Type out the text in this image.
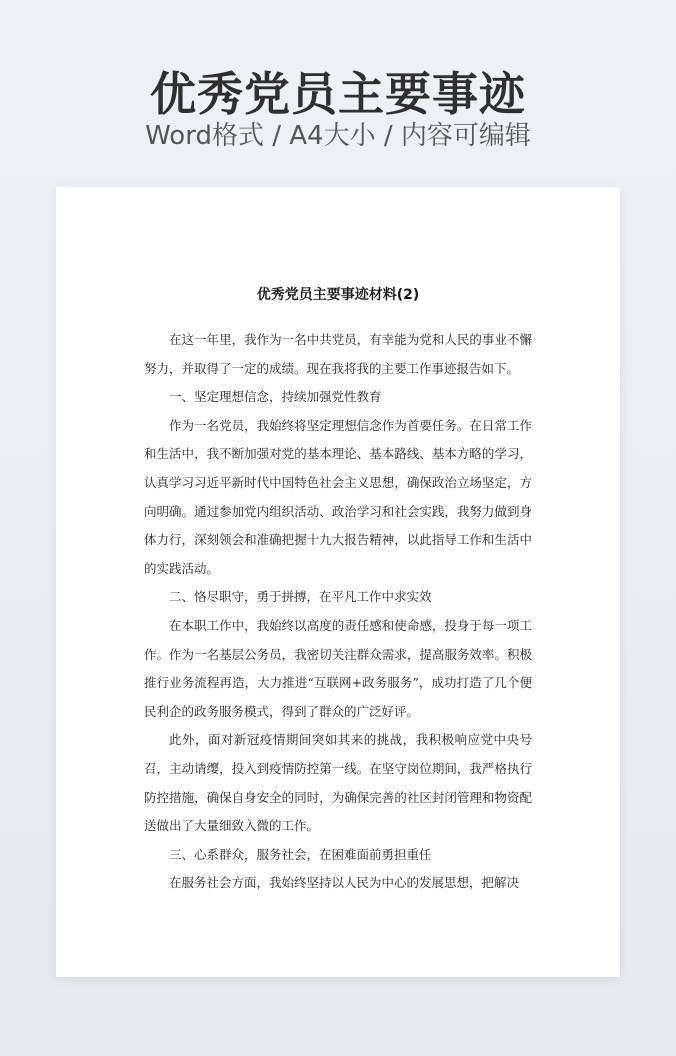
优秀党员主要事迹
Word格式 / A4大小 / 内容可编辑
优秀党员主要事迹材料(2)

在这一年里，我作为一名中共党员，有幸能为党和人民的事业不懈努力，并取得了一定的成绩。现在我将我的主要工作事迹报告如下。

一、坚定理想信念，持续加强党性教育

作为一名党员，我始终将坚定理想信念作为首要任务。在日常工作和生活中，我不断加强对党的基本理论、基本路线、基本方略的学习，认真学习习近平新时代中国特色社会主义思想，确保政治立场坚定，方向明确。通过参加党内组织活动、政治学习和社会实践，我努力做到身体力行，深刻领会和准确把握十九大报告精神，以此指导工作和生活中的实践活动。

二、恪尽职守，勇于拼搏，在平凡工作中求实效

在本职工作中，我始终以高度的责任感和使命感，投身于每一项工作。作为一名基层公务员，我密切关注群众需求，提高服务效率。积极推行业务流程再造，大力推进“互联网+政务服务”，成功打造了几个便民利企的政务服务模式，得到了群众的广泛好评。

此外，面对新冠疫情期间突如其来的挑战，我积极响应党中央号召，主动请缨，投入到疫情防控第一线。在坚守岗位期间，我严格执行防控措施，确保自身安全的同时，为确保完善的社区封闭管理和物资配送做出了大量细致入微的工作。

三、心系群众，服务社会，在困难面前勇担重任

在服务社会方面，我始终坚持以人民为中心的发展思想，把解决
